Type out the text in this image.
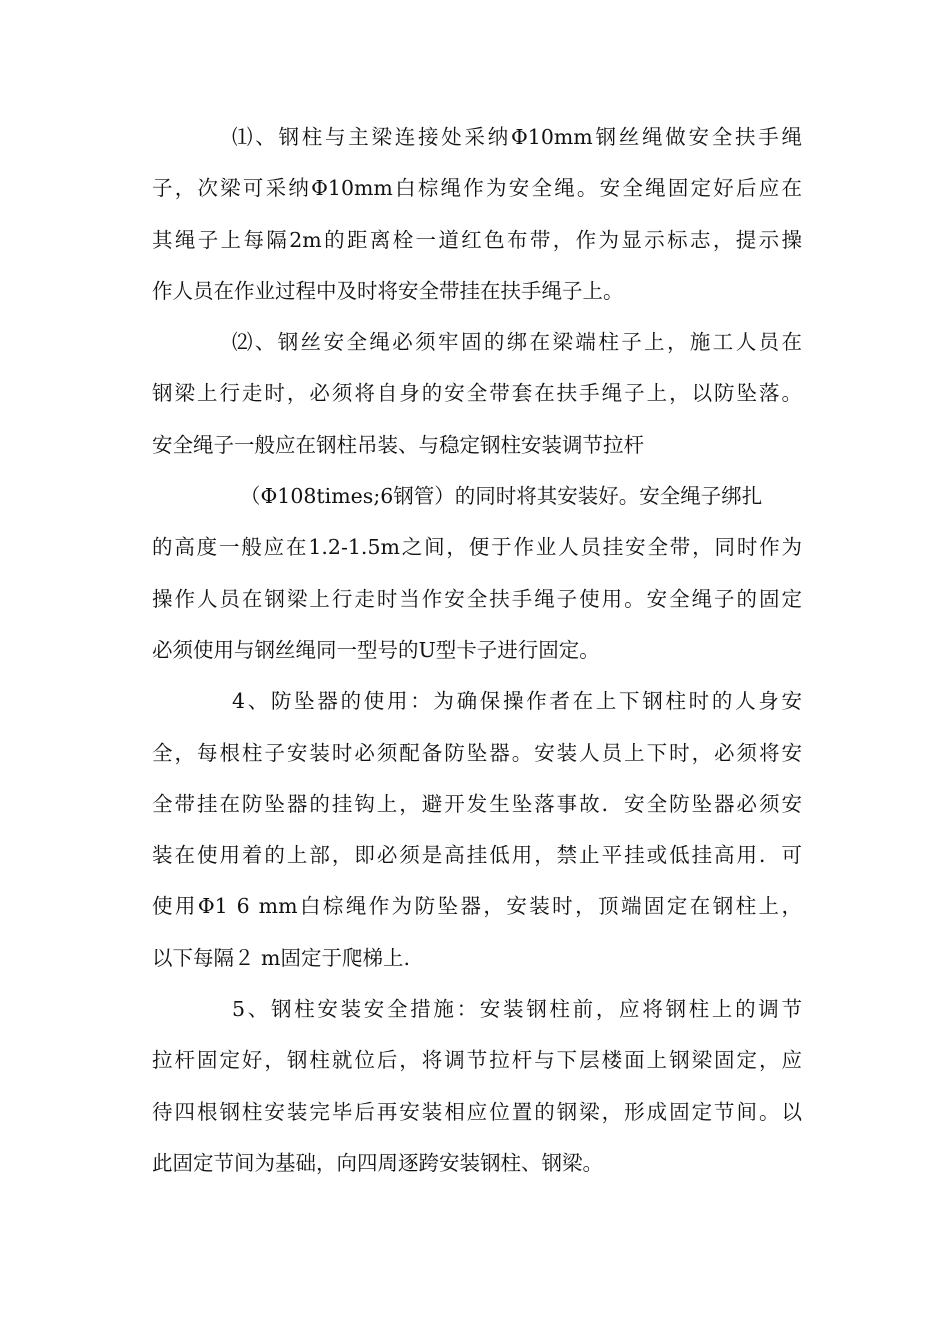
⑴、钢柱与主梁连接处采纳Φ10mm钢丝绳做安全扶手绳
子，次梁可采纳Φ10mm白棕绳作为安全绳。安全绳固定好后应在
其绳子上每隔2m的距离栓一道红色布带，作为显示标志，提示操
作人员在作业过程中及时将安全带挂在扶手绳子上。
⑵、钢丝安全绳必须牢固的绑在梁端柱子上，施工人员在
钢梁上行走时，必须将自身的安全带套在扶手绳子上，以防坠落。
安全绳子一般应在钢柱吊装、与稳定钢柱安装调节拉杆
（Φ108times;6钢管）的同时将其安装好。安全绳子绑扎
的高度一般应在1.2-1.5m之间，便于作业人员挂安全带，同时作为
操作人员在钢梁上行走时当作安全扶手绳子使用。安全绳子的固定
必须使用与钢丝绳同一型号的U型卡子进行固定。
4、防坠器的使用：为确保操作者在上下钢柱时的人身安
全，每根柱子安装时必须配备防坠器。安装人员上下时，必须将安
全带挂在防坠器的挂钩上，避开发生坠落事故．安全防坠器必须安
装在使用着的上部，即必须是高挂低用，禁止平挂或低挂高用．可
使用Φ1 6 mm白棕绳作为防坠器，安装时，顶端固定在钢柱上，
以下每隔２ m固定于爬梯上.
5、钢柱安装安全措施：安装钢柱前，应将钢柱上的调节
拉杆固定好，钢柱就位后，将调节拉杆与下层楼面上钢梁固定，应
待四根钢柱安装完毕后再安装相应位置的钢梁，形成固定节间。以
此固定节间为基础，向四周逐跨安装钢柱、钢梁。
